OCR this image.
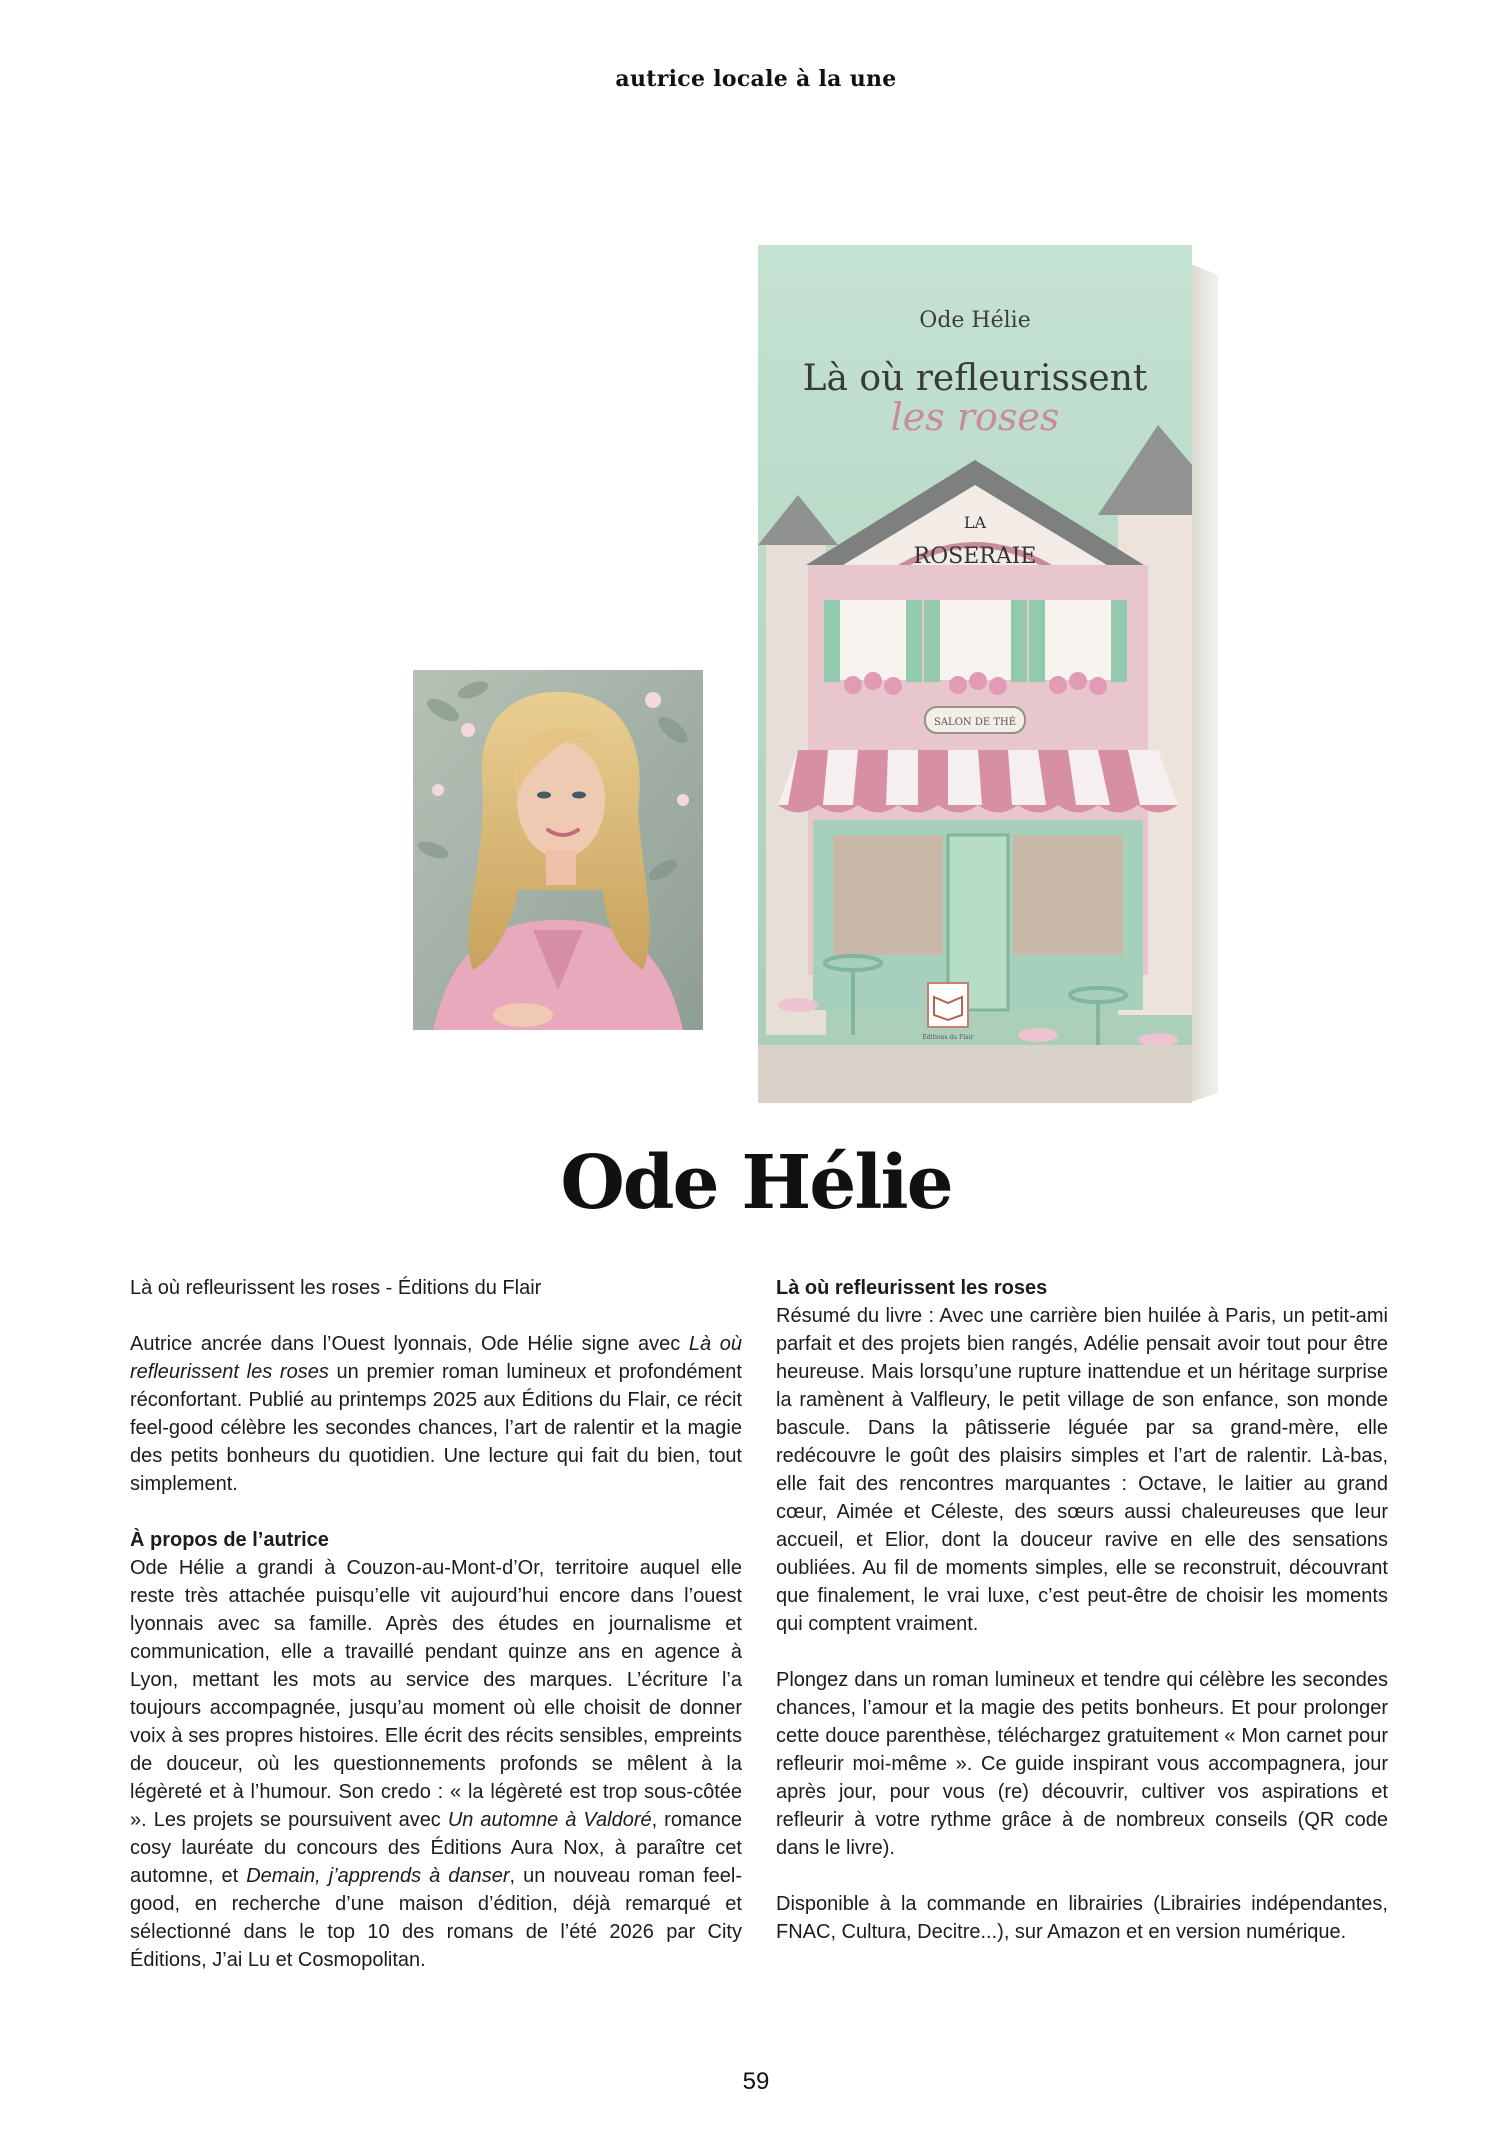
autrice locale à la une
Ode Hélie
Là où refleurissent
les roses
LA
ROSERAIE
SALON DE THÉ
Éditions du Flair
Ode Hélie

Là où refleurissent les roses - Éditions du Flair

Autrice ancrée dans l’Ouest lyonnais, Ode Hélie signe avec Là où refleurissent les roses un premier roman lumineux et profondément réconfortant. Publié au printemps 2025 aux Éditions du Flair, ce récit feel-good célèbre les secondes chances, l’art de ralentir et la magie des petits bonheurs du quotidien. Une lecture qui fait du bien, tout simplement.

À propos de l’autrice
Ode Hélie a grandi à Couzon-au-Mont-d’Or, territoire auquel elle reste très attachée puisqu’elle vit aujourd’hui encore dans l’ouest lyonnais avec sa famille. Après des études en journalisme et communication, elle a travaillé pendant quinze ans en agence à Lyon, mettant les mots au service des marques. L’écriture l’a toujours accompagnée, jusqu’au moment où elle choisit de donner voix à ses propres histoires. Elle écrit des récits sensibles, empreints de douceur, où les questionnements profonds se mêlent à la légèreté et à l’humour. Son credo : « la légèreté est trop sous-côtée ». Les projets se poursuivent avec Un automne à Valdoré, romance cosy lauréate du concours des Éditions Aura Nox, à paraître cet automne, et Demain, j’apprends à danser, un nouveau roman feel-good, en recherche d’une maison d’édition, déjà remarqué et sélectionné dans le top 10 des romans de l’été 2026 par City Éditions, J’ai Lu et Cosmopolitan.

Là où refleurissent les roses
Résumé du livre : Avec une carrière bien huilée à Paris, un petit-ami parfait et des projets bien rangés, Adélie pensait avoir tout pour être heureuse. Mais lorsqu’une rupture inattendue et un héritage surprise la ramènent à Valfleury, le petit village de son enfance, son monde bascule. Dans la pâtisserie léguée par sa grand-mère, elle redécouvre le goût des plaisirs simples et l’art de ralentir. Là-bas, elle fait des rencontres marquantes : Octave, le laitier au grand cœur, Aimée et Céleste, des sœurs aussi chaleureuses que leur accueil, et Elior, dont la douceur ravive en elle des sensations oubliées. Au fil de moments simples, elle se reconstruit, découvrant que finalement, le vrai luxe, c’est peut-être de choisir les moments qui comptent vraiment.

Plongez dans un roman lumineux et tendre qui célèbre les secondes chances, l’amour et la magie des petits bonheurs. Et pour prolonger cette douce parenthèse, téléchargez gratuitement « Mon carnet pour refleurir moi-même ». Ce guide inspirant vous accompagnera, jour après jour, pour vous (re) découvrir, cultiver vos aspirations et refleurir à votre rythme grâce à de nombreux conseils (QR code dans le livre).

Disponible à la commande en librairies (Librairies indépendantes, FNAC, Cultura, Decitre...), sur Amazon et en version numérique.

59
